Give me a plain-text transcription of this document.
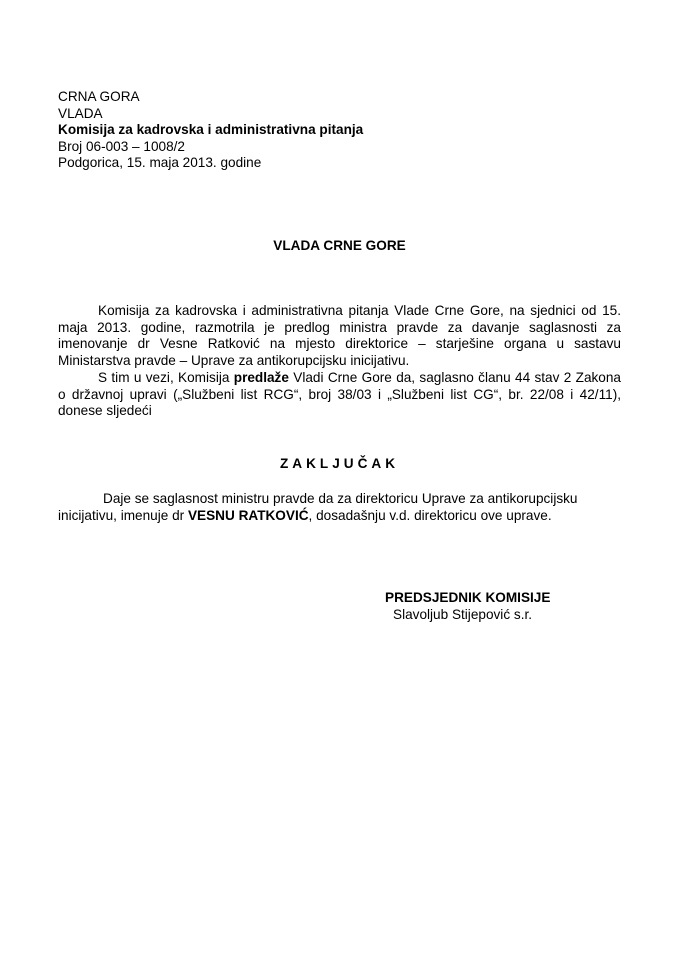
CRNA GORA
VLADA
Komisija za kadrovska i administrativna pitanja
Broj 06-003 – 1008/2
Podgorica, 15. maja 2013. godine
VLADA CRNE GORE

Komisija za kadrovska i administrativna pitanja Vlade Crne Gore, na sjednici od 15. maja 2013. godine, razmotrila je predlog ministra pravde za davanje saglasnosti za imenovanje dr Vesne Ratković na mjesto direktorice – starješine organa u sastavu Ministarstva pravde – Uprave za antikorupcijsku inicijativu.

S tim u vezi, Komisija predlaže Vladi Crne Gore da, saglasno članu 44 stav 2 Zakona o državnoj upravi („Službeni list RCG“, broj 38/03 i „Službeni list CG“, br. 22/08 i 42/11), donese sljedeći

ZAKLJUČAK

Daje se saglasnost ministru pravde da za direktoricu Uprave za antikorupcijsku inicijativu, imenuje dr VESNU RATKOVIĆ, dosadašnju v.d. direktoricu ove uprave.

PREDSJEDNIK KOMISIJE
Slavoljub Stijepović s.r.
